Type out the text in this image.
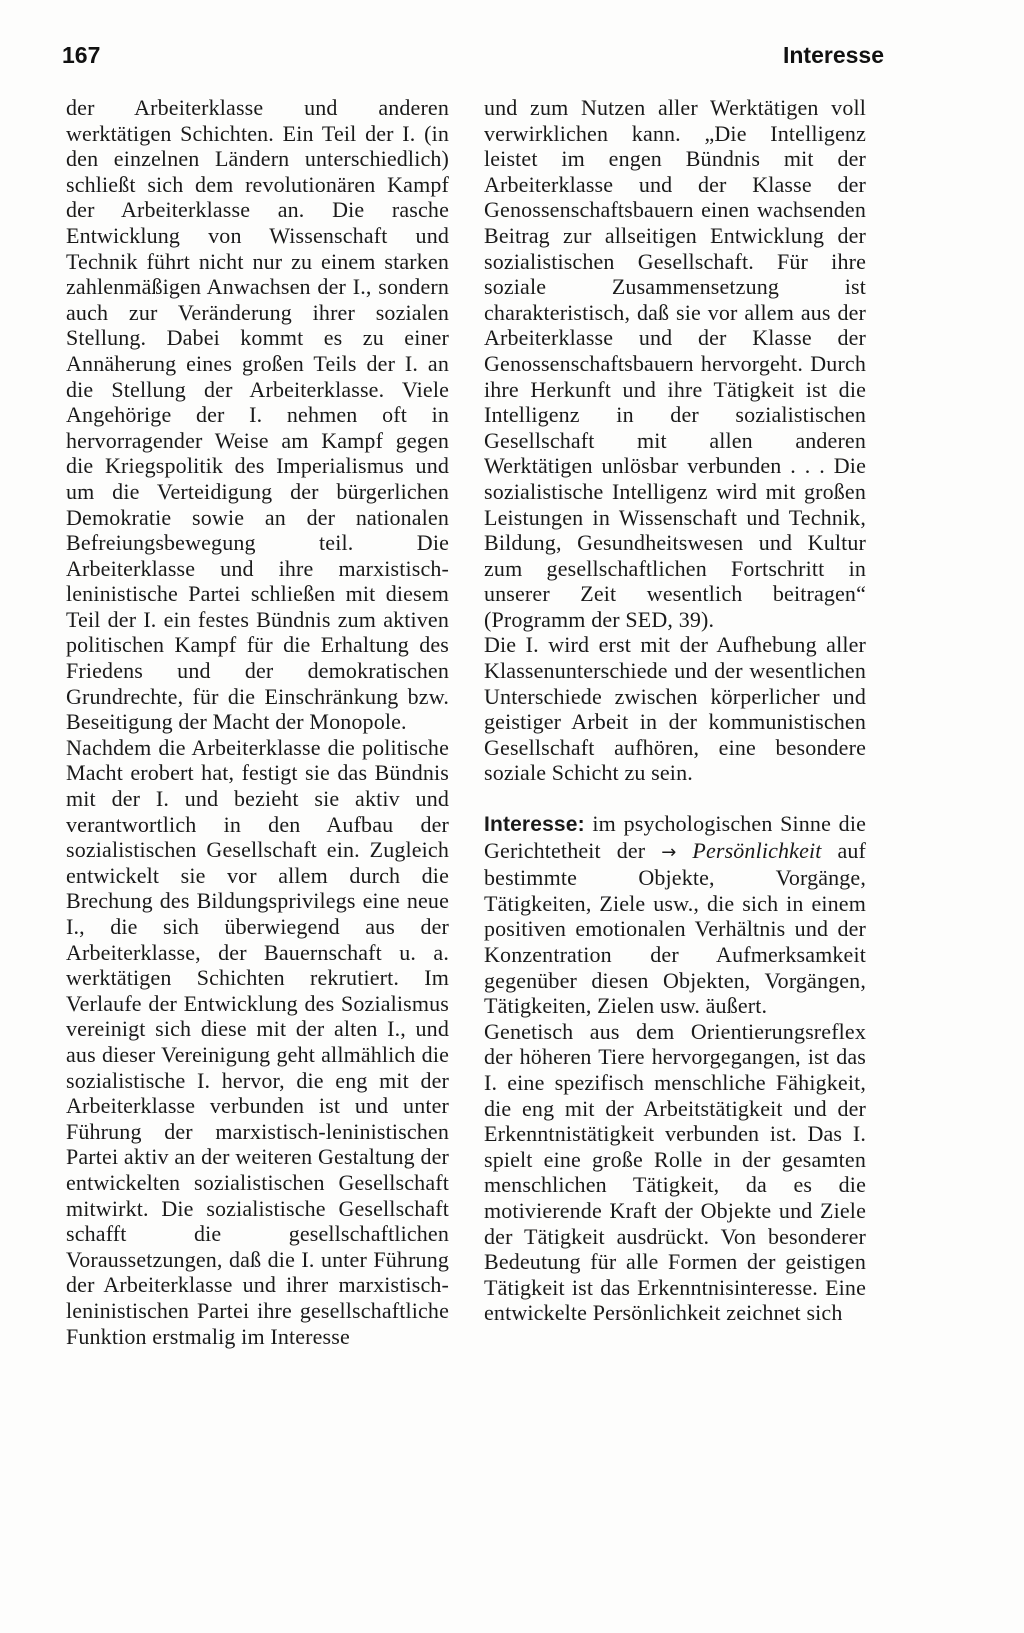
167	Interesse

der Arbeiterklasse und anderen werktätigen Schichten. Ein Teil der I. (in den einzelnen Ländern unterschiedlich) schließt sich dem revolutionären Kampf der Arbeiterklasse an. Die rasche Entwicklung von Wissenschaft und Technik führt nicht nur zu einem starken zahlenmäßigen Anwachsen der I., sondern auch zur Veränderung ihrer sozialen Stellung. Dabei kommt es zu einer Annäherung eines großen Teils der I. an die Stellung der Arbeiterklasse. Viele Angehörige der I. nehmen oft in hervorragender Weise am Kampf gegen die Kriegspolitik des Imperialismus und um die Verteidigung der bürgerlichen Demokratie sowie an der nationalen Befreiungsbewegung teil. Die Arbeiterklasse und ihre marxistisch-leninistische Partei schließen mit diesem Teil der I. ein festes Bündnis zum aktiven politischen Kampf für die Erhaltung des Friedens und der demokratischen Grundrechte, für die Einschränkung bzw. Beseitigung der Macht der Monopole.

Nachdem die Arbeiterklasse die politische Macht erobert hat, festigt sie das Bündnis mit der I. und bezieht sie aktiv und verantwortlich in den Aufbau der sozialistischen Gesellschaft ein. Zugleich entwickelt sie vor allem durch die Brechung des Bildungsprivilegs eine neue I., die sich überwiegend aus der Arbeiterklasse, der Bauernschaft u. a. werktätigen Schichten rekrutiert. Im Verlaufe der Entwicklung des Sozialismus vereinigt sich diese mit der alten I., und aus dieser Vereinigung geht allmählich die sozialistische I. hervor, die eng mit der Arbeiterklasse verbunden ist und unter Führung der marxistisch-leninistischen Partei aktiv an der weiteren Gestaltung der entwickelten sozialistischen Gesellschaft mitwirkt. Die sozialistische Gesellschaft schafft die gesellschaftlichen Voraussetzungen, daß die I. unter Führung der Arbeiterklasse und ihrer marxistisch-leninistischen Partei ihre gesellschaftliche Funktion erstmalig im Interesse

und zum Nutzen aller Werktätigen voll verwirklichen kann. „Die Intelligenz leistet im engen Bündnis mit der Arbeiterklasse und der Klasse der Genossenschaftsbauern einen wachsenden Beitrag zur allseitigen Entwicklung der sozialistischen Gesellschaft. Für ihre soziale Zusammensetzung ist charakteristisch, daß sie vor allem aus der Arbeiterklasse und der Klasse der Genossenschaftsbauern hervorgeht. Durch ihre Herkunft und ihre Tätigkeit ist die Intelligenz in der sozialistischen Gesellschaft mit allen anderen Werktätigen unlösbar verbunden . . . Die sozialistische Intelligenz wird mit großen Leistungen in Wissenschaft und Technik, Bildung, Gesundheitswesen und Kultur zum gesellschaftlichen Fortschritt in unserer Zeit wesentlich beitragen“ (Programm der SED, 39).

Die I. wird erst mit der Aufhebung aller Klassenunterschiede und der wesentlichen Unterschiede zwischen körperlicher und geistiger Arbeit in der kommunistischen Gesellschaft aufhören, eine besondere soziale Schicht zu sein.

Interesse: im psychologischen Sinne die Gerichtetheit der → Persönlichkeit auf bestimmte Objekte, Vorgänge, Tätigkeiten, Ziele usw., die sich in einem positiven emotionalen Verhältnis und der Konzentration der Aufmerksamkeit gegenüber diesen Objekten, Vorgängen, Tätigkeiten, Zielen usw. äußert.

Genetisch aus dem Orientierungsreflex der höheren Tiere hervorgegangen, ist das I. eine spezifisch menschliche Fähigkeit, die eng mit der Arbeitstätigkeit und der Erkenntnistätigkeit verbunden ist. Das I. spielt eine große Rolle in der gesamten menschlichen Tätigkeit, da es die motivierende Kraft der Objekte und Ziele der Tätigkeit ausdrückt. Von besonderer Bedeutung für alle Formen der geistigen Tätigkeit ist das Erkenntnisinteresse. Eine entwickelte Persönlichkeit zeichnet sich
